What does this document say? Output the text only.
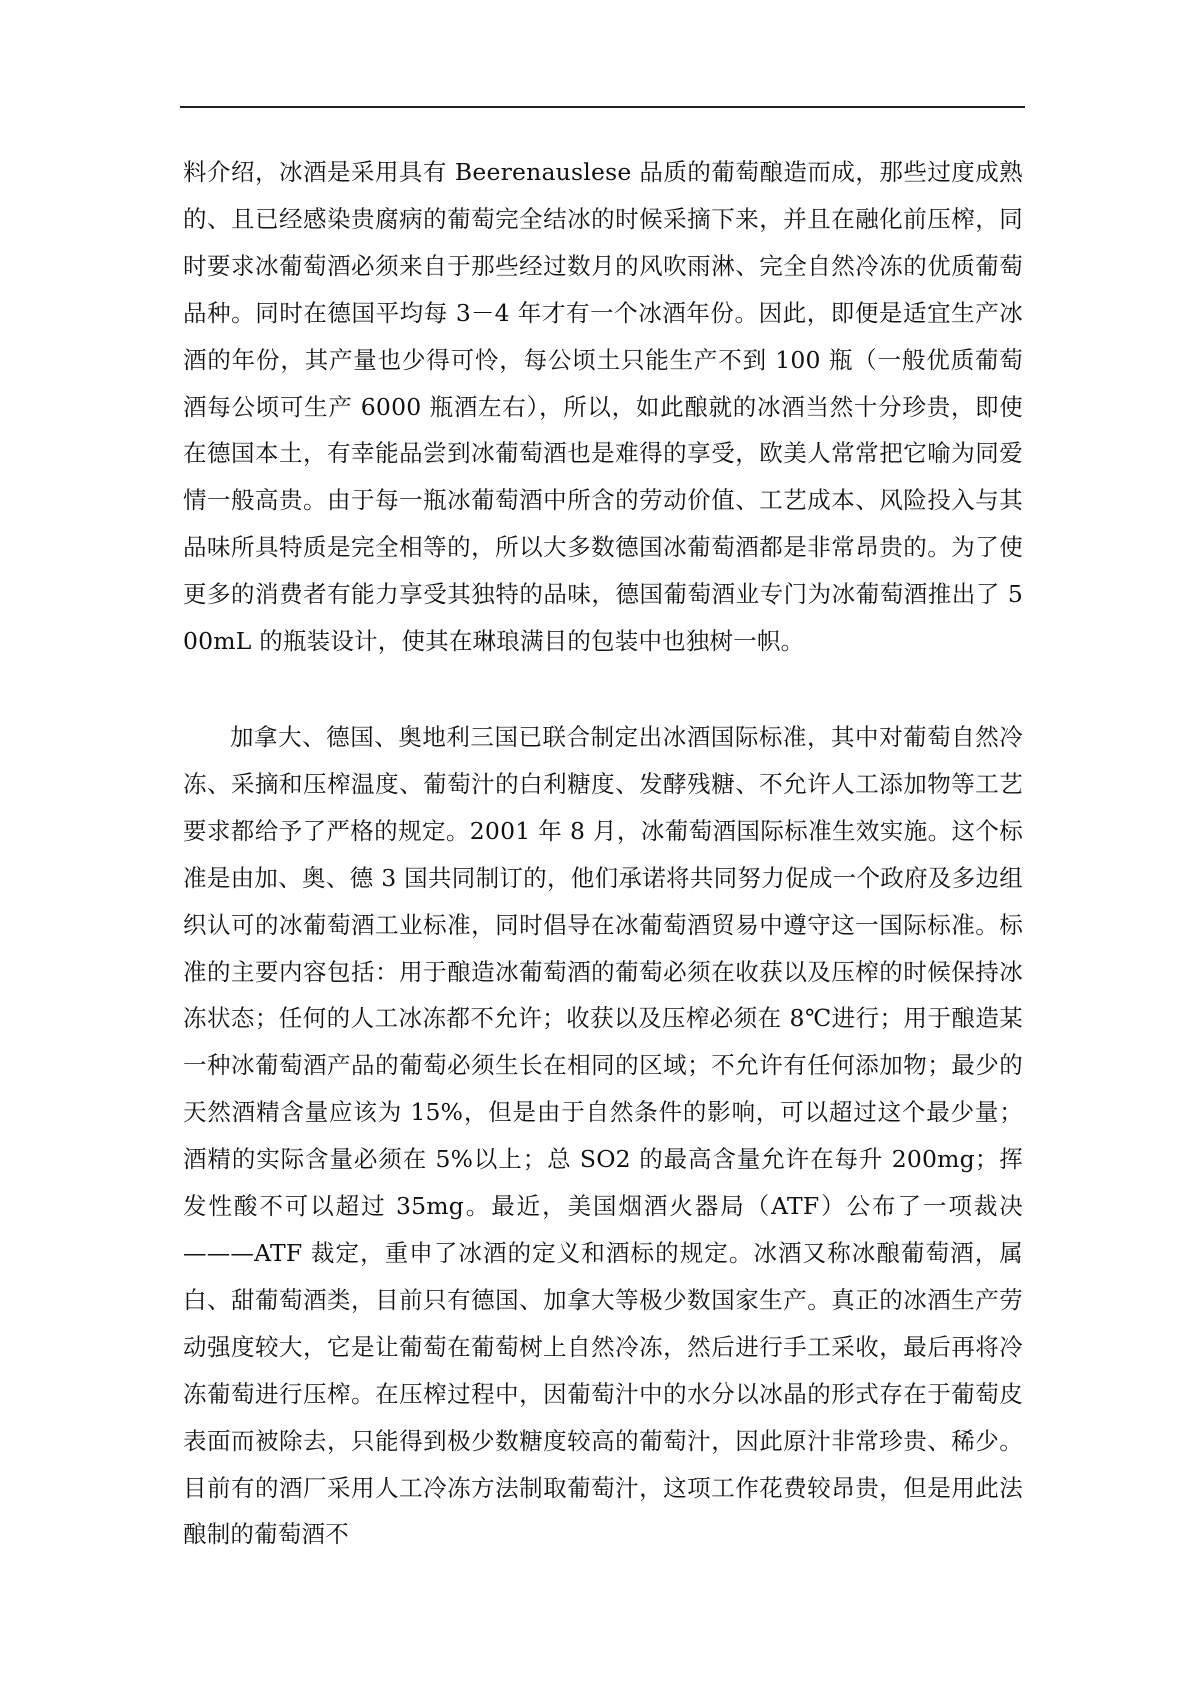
料介绍，冰酒是采用具有 Beerenauslese 品质的葡萄酿造而成，那些过度成熟的、且已经感染贵腐病的葡萄完全结冰的时候采摘下来，并且在融化前压榨，同时要求冰葡萄酒必须来自于那些经过数月的风吹雨淋、完全自然冷冻的优质葡萄品种。同时在德国平均每 3－4 年才有一个冰酒年份。因此，即便是适宜生产冰酒的年份，其产量也少得可怜，每公顷土只能生产不到 100 瓶（一般优质葡萄酒每公顷可生产 6000 瓶酒左右），所以，如此酿就的冰酒当然十分珍贵，即使在德国本土，有幸能品尝到冰葡萄酒也是难得的享受，欧美人常常把它喻为同爱情一般高贵。由于每一瓶冰葡萄酒中所含的劳动价值、工艺成本、风险投入与其品味所具特质是完全相等的，所以大多数德国冰葡萄酒都是非常昂贵的。为了使更多的消费者有能力享受其独特的品味，德国葡萄酒业专门为冰葡萄酒推出了 500mL 的瓶装设计，使其在琳琅满目的包装中也独树一帜。

加拿大、德国、奥地利三国已联合制定出冰酒国际标准，其中对葡萄自然冷冻、采摘和压榨温度、葡萄汁的白利糖度、发酵残糖、不允许人工添加物等工艺要求都给予了严格的规定。2001 年 8 月，冰葡萄酒国际标准生效实施。这个标准是由加、奥、德 3 国共同制订的，他们承诺将共同努力促成一个政府及多边组织认可的冰葡萄酒工业标准，同时倡导在冰葡萄酒贸易中遵守这一国际标准。标准的主要内容包括：用于酿造冰葡萄酒的葡萄必须在收获以及压榨的时候保持冰冻状态；任何的人工冰冻都不允许；收获以及压榨必须在 8℃进行；用于酿造某一种冰葡萄酒产品的葡萄必须生长在相同的区域；不允许有任何添加物；最少的天然酒精含量应该为 15%，但是由于自然条件的影响，可以超过这个最少量；酒精的实际含量必须在 5%以上；总 SO2 的最高含量允许在每升 200mg；挥发性酸不可以超过 35mg。最近，美国烟酒火器局（ATF）公布了一项裁决———ATF 裁定，重申了冰酒的定义和酒标的规定。冰酒又称冰酿葡萄酒，属白、甜葡萄酒类，目前只有德国、加拿大等极少数国家生产。真正的冰酒生产劳动强度较大，它是让葡萄在葡萄树上自然冷冻，然后进行手工采收，最后再将冷冻葡萄进行压榨。在压榨过程中，因葡萄汁中的水分以冰晶的形式存在于葡萄皮表面而被除去，只能得到极少数糖度较高的葡萄汁，因此原汁非常珍贵、稀少。目前有的酒厂采用人工冷冻方法制取葡萄汁，这项工作花费较昂贵，但是用此法酿制的葡萄酒不
